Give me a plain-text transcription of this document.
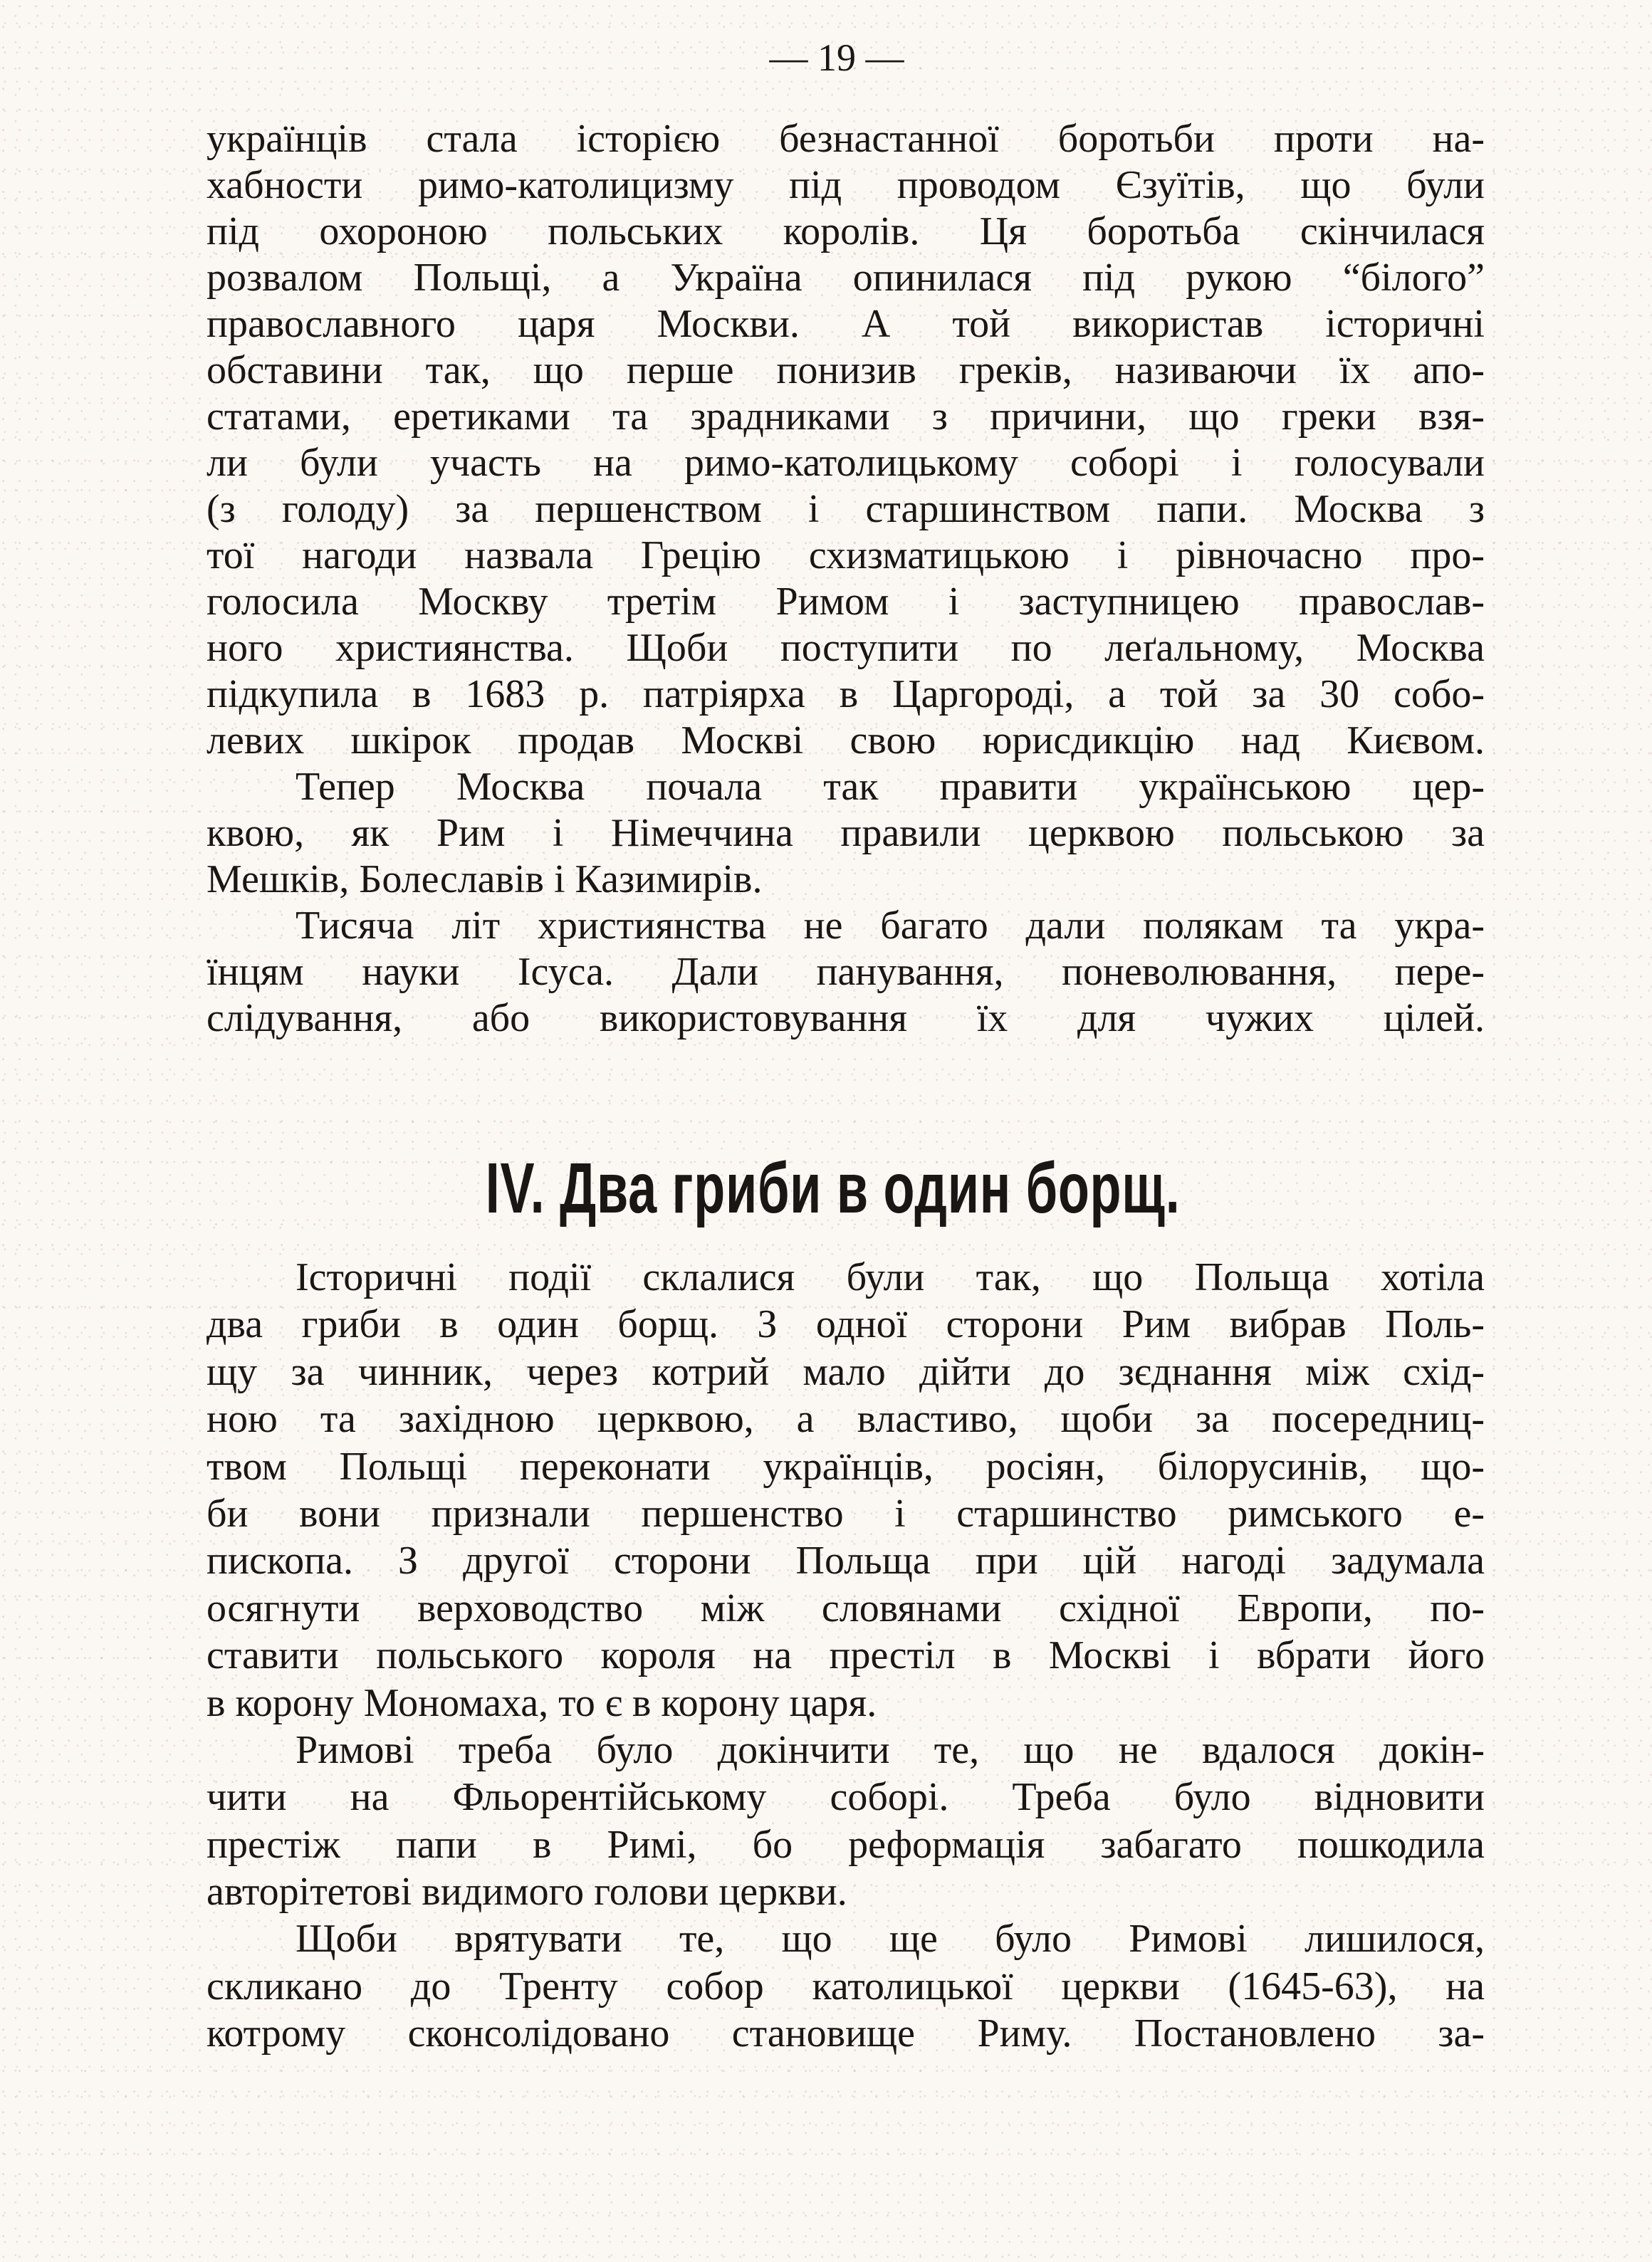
— 19 —
українців стала історією безнастанної боротьби проти на-
хабности римо-католицизму під проводом Єзуїтів, що були
під охороною польських королів. Ця боротьба скінчилася
розвалом Польщі, а Україна опинилася під рукою “білого”
православного царя Москви. А той використав історичні
обставини так, що перше понизив греків, називаючи їх апо-
статами, еретиками та зрадниками з причини, що греки взя-
ли були участь на римо-католицькому соборі і голосували
(з голоду) за першенством і старшинством папи. Москва з
тої нагоди назвала Грецію схизматицькою і рівночасно про-
голосила Москву третім Римом і заступницею православ-
ного християнства. Щоби поступити по леґальному, Москва
підкупила в 1683 р. патріярха в Царгороді, а той за 30 собо-
левих шкірок продав Москві свою юрисдикцію над Києвом.
Тепер Москва почала так правити українською цер-
квою, як Рим і Німеччина правили церквою польською за
Мешків, Болеславів і Казимирів.
Тисяча літ християнства не багато дали полякам та укра-
їнцям науки Ісуса. Дали панування, поневолювання, пере-
слідування, або використовування їх для чужих цілей.
IV. Два гриби в один борщ.
Історичні події склалися були так, що Польща хотіла
два гриби в один борщ. З одної сторони Рим вибрав Поль-
щу за чинник, через котрий мало дійти до зєднання між схід-
ною та західною церквою, а властиво, щоби за посередниц-
твом Польщі переконати українців, росіян, білорусинів, що-
би вони признали першенство і старшинство римського е-
пископа. З другої сторони Польща при цій нагоді задумала
осягнути верховодство між словянами східної Европи, по-
ставити польського короля на престіл в Москві і вбрати його
в корону Мономаха, то є в корону царя.
Римові треба було докінчити те, що не вдалося докін-
чити на Фльорентійському соборі. Треба було відновити
престіж папи в Римі, бо реформація забагато пошкодила
авторітетові видимого голови церкви.
Щоби врятувати те, що ще було Римові лишилося,
скликано до Тренту собор католицької церкви (1645-63), на
котрому сконсолідовано становище Риму. Постановлено за-
